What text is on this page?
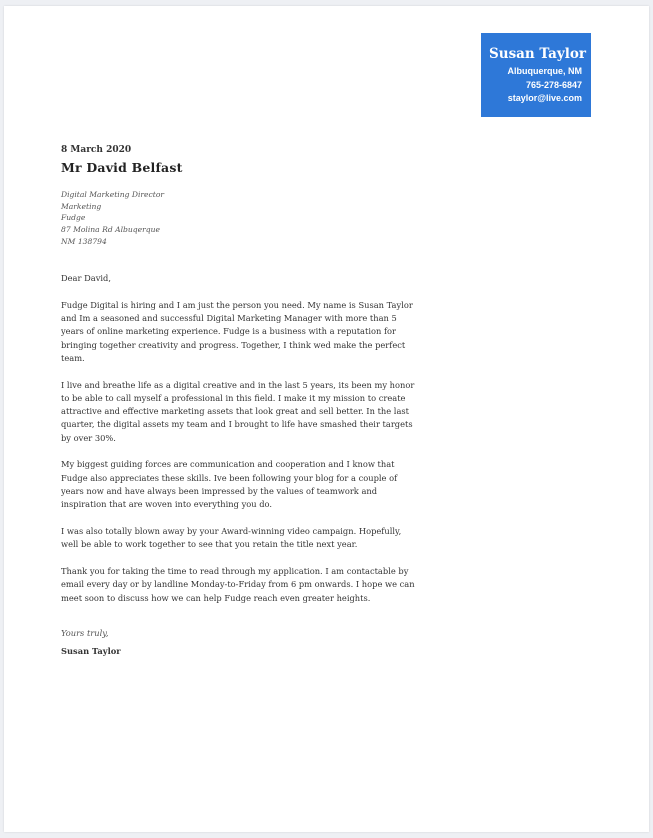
Susan Taylor
Albuquerque, NM
765-278-6847
staylor@live.com
8 March 2020
Mr David Belfast
Digital Marketing Director
Marketing
Fudge
87 Molina Rd Albuqerque
NM 138794

Dear David,

Fudge Digital is hiring and I am just the person you need. My name is Susan Taylor and Im a seasoned and successful Digital Marketing Manager with more than 5 years of online marketing experience. Fudge is a business with a reputation for bringing together creativity and progress. Together, I think wed make the perfect team.

I live and breathe life as a digital creative and in the last 5 years, its been my honor to be able to call myself a professional in this field. I make it my mission to create attractive and effective marketing assets that look great and sell better. In the last quarter, the digital assets my team and I brought to life have smashed their targets by over 30%.

My biggest guiding forces are communication and cooperation and I know that Fudge also appreciates these skills. Ive been following your blog for a couple of years now and have always been impressed by the values of teamwork and inspiration that are woven into everything you do.

I was also totally blown away by your Award-winning video campaign. Hopefully, well be able to work together to see that you retain the title next year.

Thank you for taking the time to read through my application. I am contactable by email every day or by landline Monday-to-Friday from 6 pm onwards. I hope we can meet soon to discuss how we can help Fudge reach even greater heights.

Yours truly,
Susan Taylor
